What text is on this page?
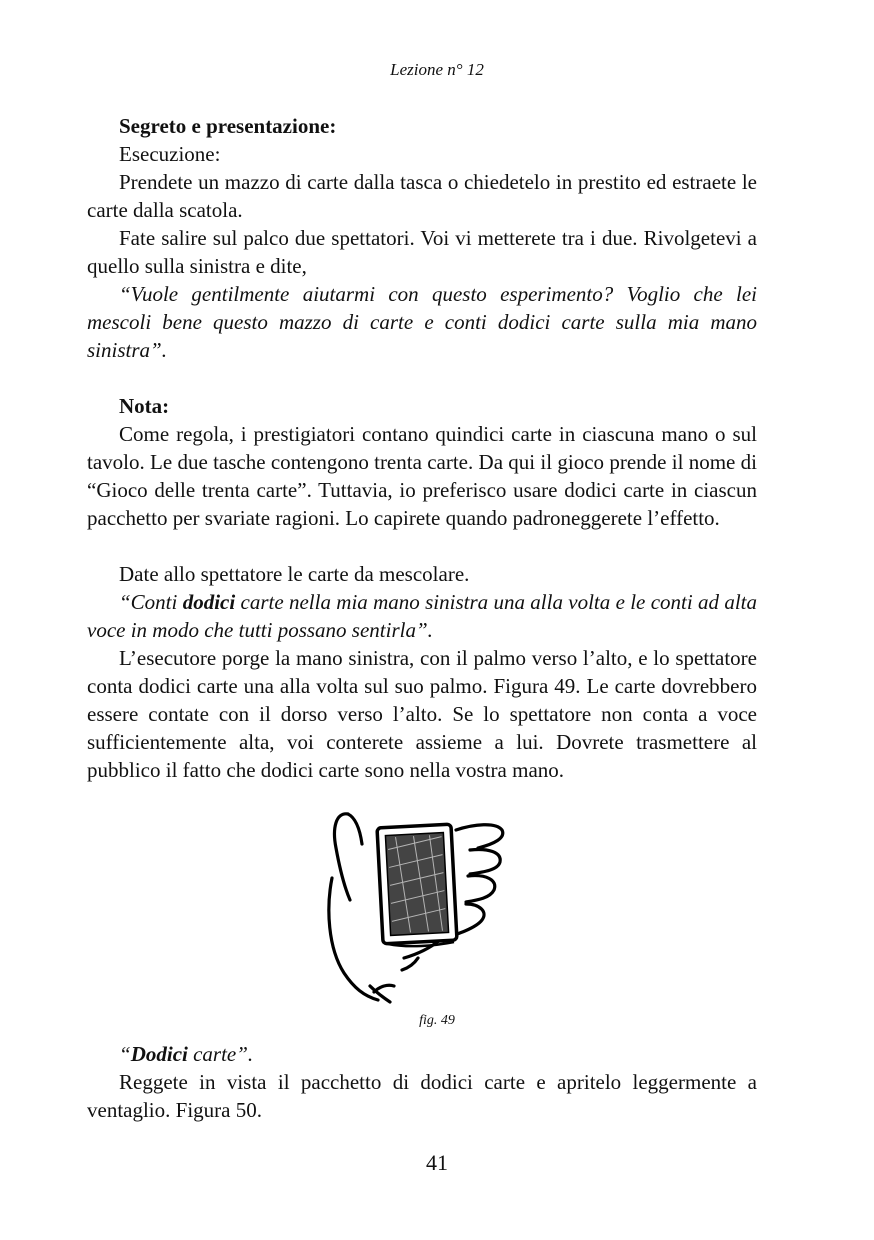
Lezione n° 12

Segreto e presentazione:

Esecuzione:

Prendete un mazzo di carte dalla tasca o chiedetelo in prestito ed estraete le carte dalla scatola.

Fate salire sul palco due spettatori. Voi vi metterete tra i due. Rivolgetevi a quello sulla sinistra e dite,

“Vuole gentilmente aiutarmi con questo esperimento? Voglio che lei mescoli bene questo mazzo di carte e conti dodici carte sulla mia mano sinistra”.

Nota:

Come regola, i prestigiatori contano quindici carte in ciascuna mano o sul tavolo. Le due tasche contengono trenta carte. Da qui il gioco prende il nome di “Gioco delle trenta carte”. Tuttavia, io preferisco usare dodici carte in ciascun pacchetto per svariate ragioni. Lo capirete quando padroneggerete l’effetto.

Date allo spettatore le carte da mescolare.

“Conti dodici carte nella mia mano sinistra una alla volta e le conti ad alta voce in modo che tutti possano sentirla”.

L’esecutore porge la mano sinistra, con il palmo verso l’alto, e lo spettatore conta dodici carte una alla volta sul suo palmo. Figura 49. Le carte dovrebbero essere contate con il dorso verso l’alto. Se lo spettatore non conta a voce sufficientemente alta, voi conterete assieme a lui. Dovrete trasmettere al pubblico il fatto che dodici carte sono nella vostra mano.

fig. 49

“Dodici carte”.

Reggete in vista il pacchetto di dodici carte e apritelo leggermente a ventaglio. Figura 50.

41
